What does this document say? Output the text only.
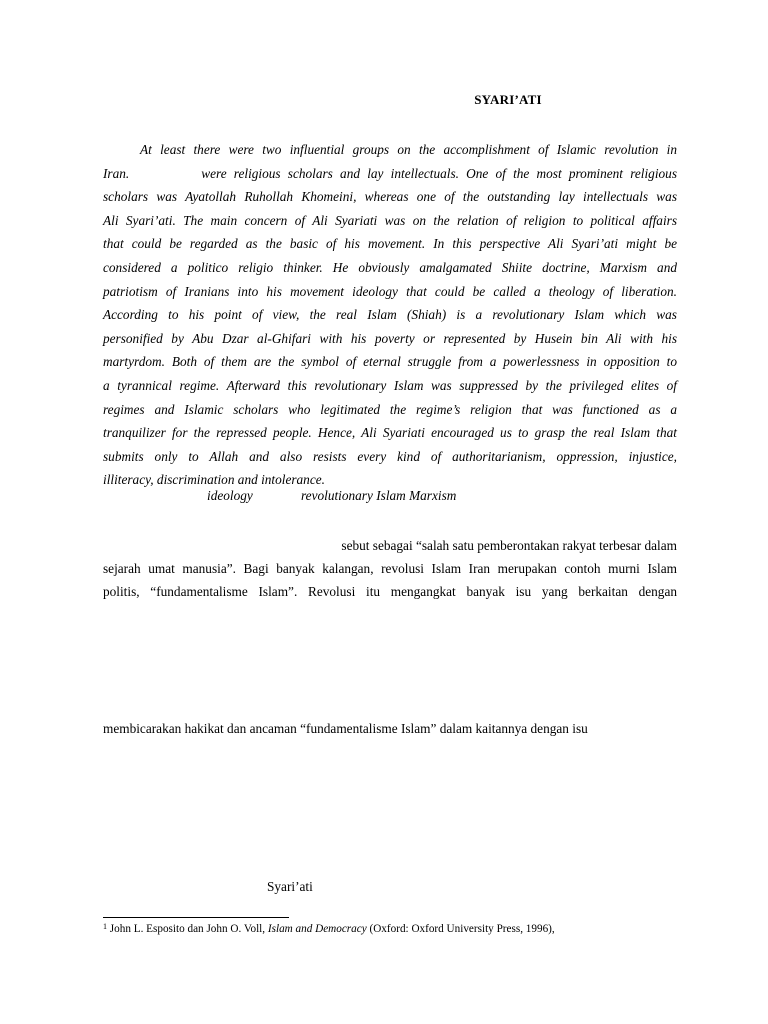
SYARI’ATI
At least there were two influential groups on the accomplishment of Islamic revolution in
Iran.          were religious scholars and lay intellectuals. One of the most prominent religious
scholars was Ayatollah Ruhollah Khomeini, whereas one of the outstanding lay intellectuals was
Ali Syari’ati. The main concern of Ali Syariati was on the relation of religion to political affairs
that could be regarded as the basic of his movement. In this perspective Ali Syari’ati might be
considered a politico religio thinker. He obviously amalgamated Shiite doctrine, Marxism and
patriotism of Iranians into his movement ideology that could be called a theology of liberation.
According to his point of view, the real Islam (Shiah) is a revolutionary Islam which was
personified by Abu Dzar al-Ghifari with his poverty or represented by Husein bin Ali with his
martyrdom. Both of them are the symbol of eternal struggle from a powerlessness in opposition to
a tyrannical regime. Afterward this revolutionary Islam was suppressed by the privileged elites of
regimes and Islamic scholars who legitimated the regime’s religion that was functioned as a
tranquilizer for the repressed people. Hence, Ali Syariati encouraged us to grasp the real Islam that
submits only to Allah and also resists every kind of authoritarianism, oppression, injustice,
illiteracy, discrimination and intolerance.

ideology

	revolutionary Islam Marxism

sebut sebagai “salah satu pemberontakan rakyat terbesar dalam
sejarah umat manusia”. Bagi banyak kalangan, revolusi Islam Iran merupakan contoh murni Islam
politis, “fundamentalisme Islam”. Revolusi itu mengangkat banyak isu yang berkaitan dengan
membicarakan hakikat dan ancaman “fundamentalisme Islam” dalam kaitannya dengan isu
Syari’ati
$^1$ John L. Esposito dan John O. Voll, Islam and Democracy (Oxford: Oxford University Press, 1996),
